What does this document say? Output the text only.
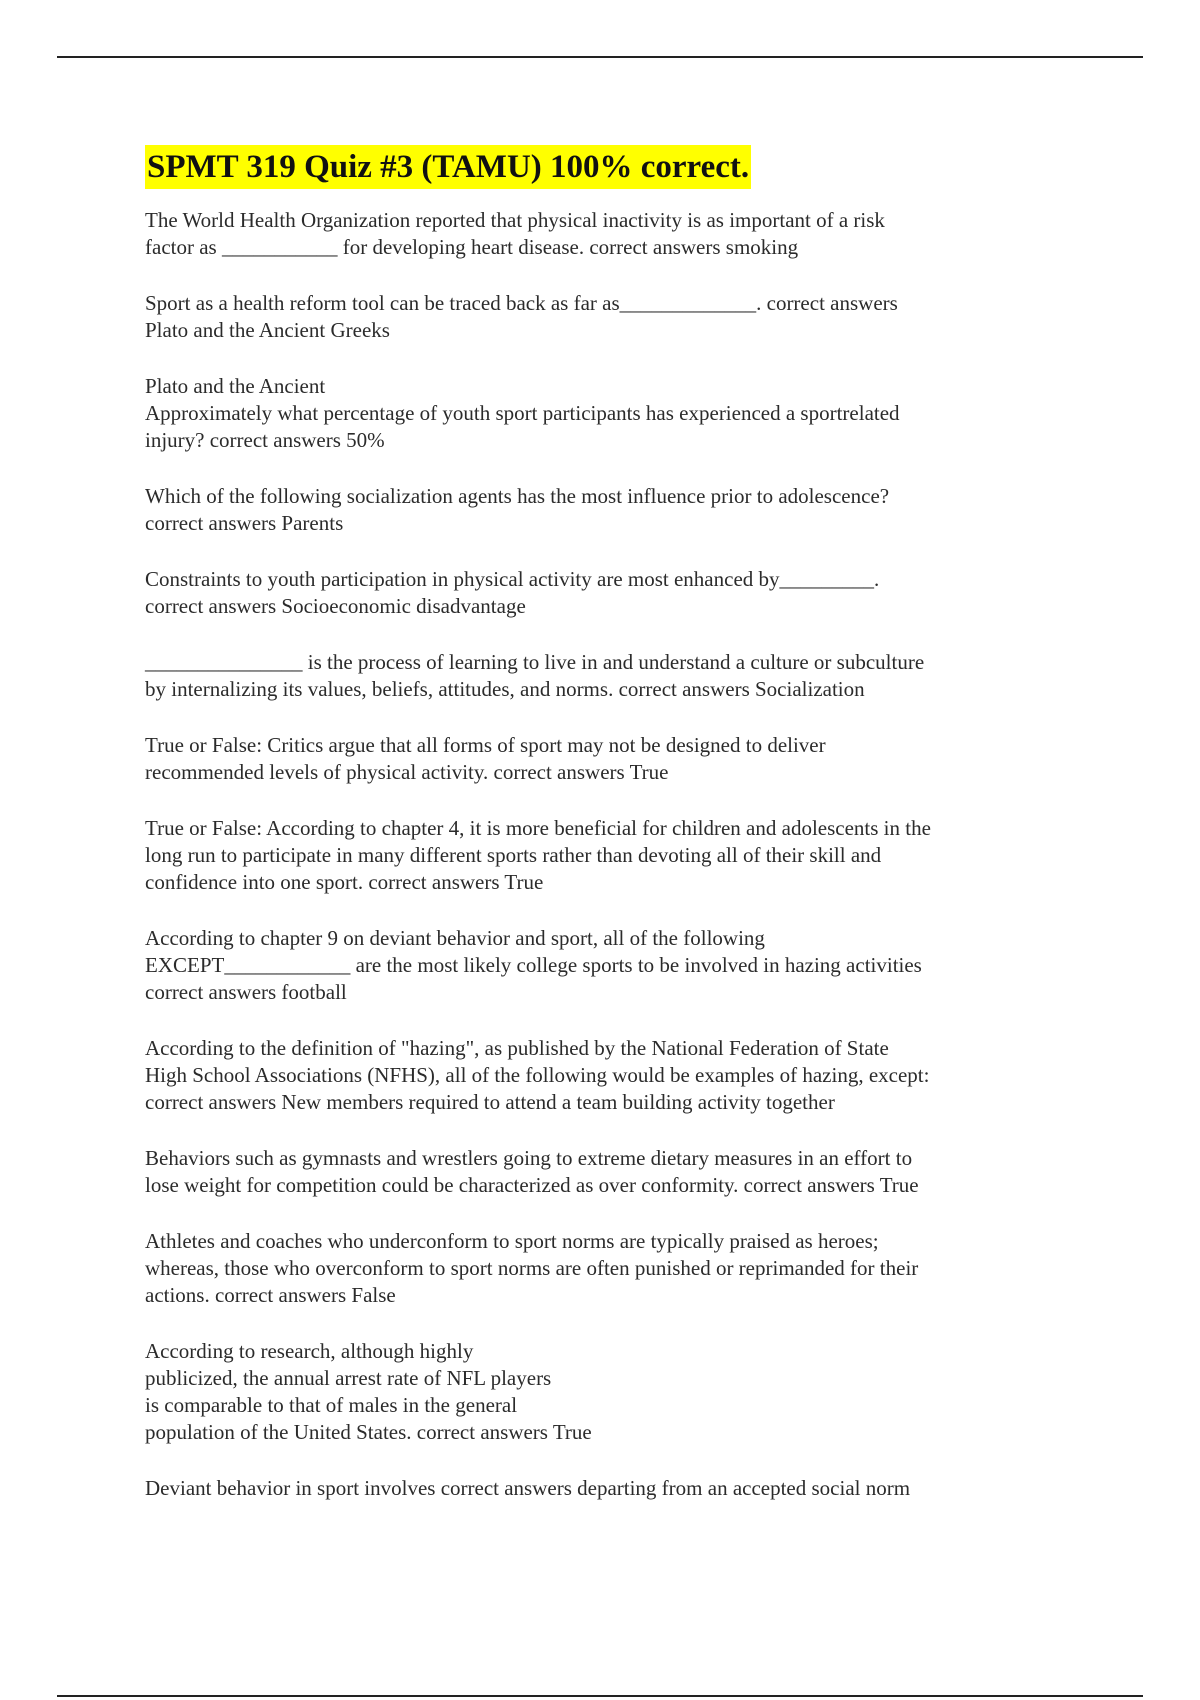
SPMT 319 Quiz #3 (TAMU) 100% correct.

The World Health Organization reported that physical inactivity is as important of a risk
factor as ___________ for developing heart disease. correct answers smoking

Sport as a health reform tool can be traced back as far as_____________. correct answers
Plato and the Ancient Greeks

Plato and the Ancient
Approximately what percentage of youth sport participants has experienced a sportrelated
injury? correct answers 50%

Which of the following socialization agents has the most influence prior to adolescence?
correct answers Parents

Constraints to youth participation in physical activity are most enhanced by_________.
correct answers Socioeconomic disadvantage

_______________ is the process of learning to live in and understand a culture or subculture
by internalizing its values, beliefs, attitudes, and norms. correct answers Socialization

True or False: Critics argue that all forms of sport may not be designed to deliver
recommended levels of physical activity. correct answers True

True or False: According to chapter 4, it is more beneficial for children and adolescents in the
long run to participate in many different sports rather than devoting all of their skill and
confidence into one sport. correct answers True

According to chapter 9 on deviant behavior and sport, all of the following
EXCEPT____________ are the most likely college sports to be involved in hazing activities
correct answers football

According to the definition of "hazing", as published by the National Federation of State
High School Associations (NFHS), all of the following would be examples of hazing, except:
correct answers New members required to attend a team building activity together

Behaviors such as gymnasts and wrestlers going to extreme dietary measures in an effort to
lose weight for competition could be characterized as over conformity. correct answers True

Athletes and coaches who underconform to sport norms are typically praised as heroes;
whereas, those who overconform to sport norms are often punished or reprimanded for their
actions. correct answers False

According to research, although highly
publicized, the annual arrest rate of NFL players
is comparable to that of males in the general
population of the United States. correct answers True

Deviant behavior in sport involves correct answers departing from an accepted social norm
